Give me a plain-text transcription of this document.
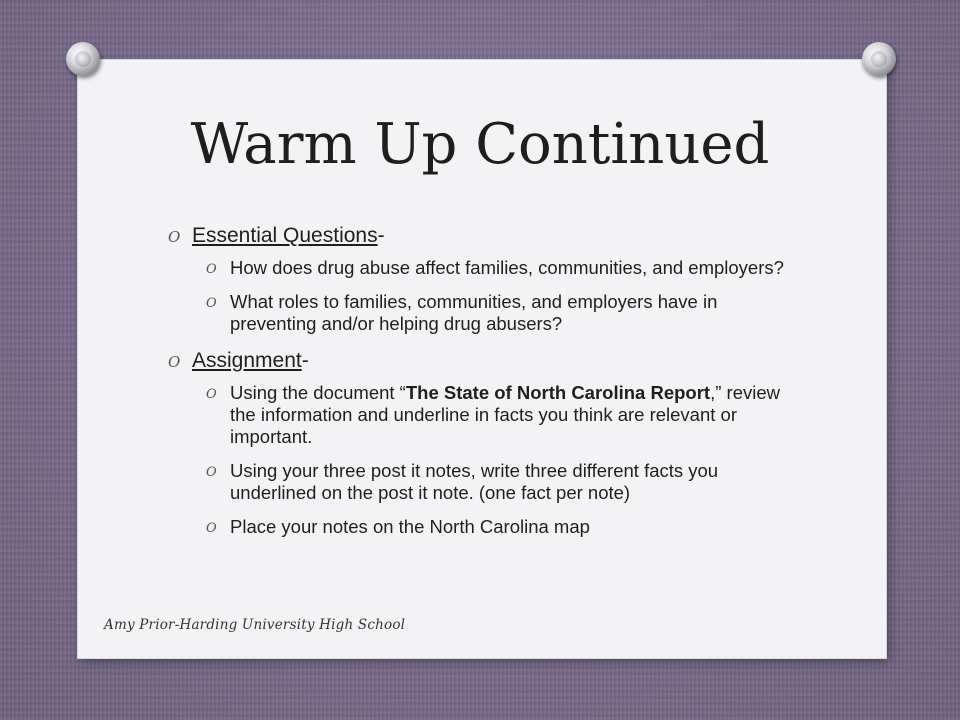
Warm Up Continued
O Essential Questions-
O How does drug abuse affect families, communities, and employers?
O What roles to families, communities, and employers have in preventing and/or helping drug abusers?
O Assignment-
O Using the document “The State of North Carolina Report,” review the information and underline in facts you think are relevant or important.
O Using your three post it notes, write three different facts you underlined on the post it note. (one fact per note)
O Place your notes on the North Carolina map
Amy Prior-Harding University High School
